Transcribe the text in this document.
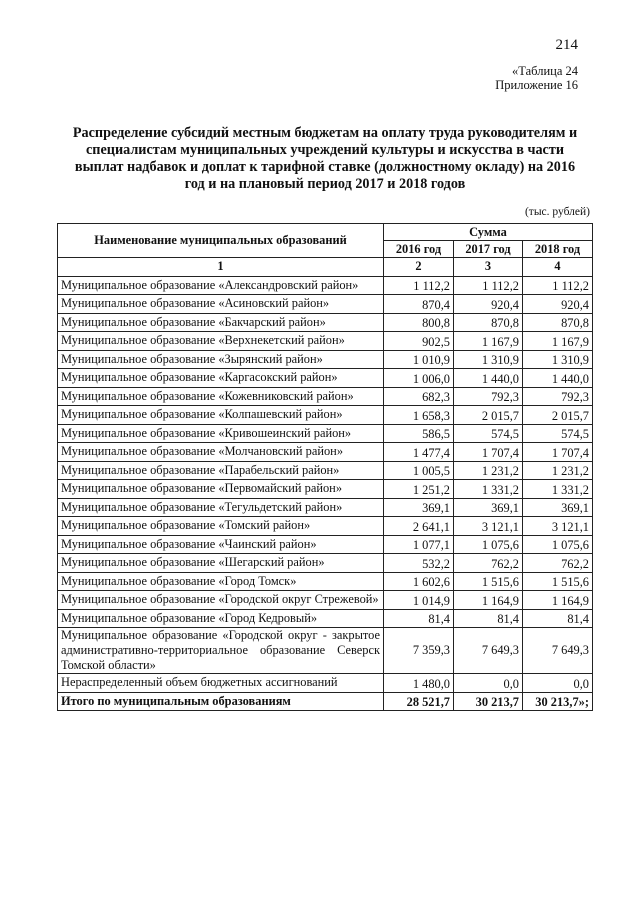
214
«Таблица 24
Приложение 16
Распределение субсидий местным бюджетам на оплату труда руководителям и
специалистам муниципальных учреждений культуры и искусства в части
выплат надбавок и доплат к тарифной ставке (должностному окладу) на 2016
год и на плановый период 2017 и 2018 годов
(тыс. рублей)
Наименование муниципальных образований	Сумма		
	2016 год	2017 год	2018 год
1	2	3	4
Муниципальное образование «Александровский район»	1 112,2	1 112,2	1 112,2
Муниципальное образование «Асиновский район»	870,4	920,4	920,4
Муниципальное образование «Бакчарский район»	800,8	870,8	870,8
Муниципальное образование «Верхнекетский район»	902,5	1 167,9	1 167,9
Муниципальное образование «Зырянский район»	1 010,9	1 310,9	1 310,9
Муниципальное образование «Каргасокский район»	1 006,0	1 440,0	1 440,0
Муниципальное образование «Кожевниковский район»	682,3	792,3	792,3
Муниципальное образование «Колпашевский район»	1 658,3	2 015,7	2 015,7
Муниципальное образование «Кривошеинский район»	586,5	574,5	574,5
Муниципальное образование «Молчановский район»	1 477,4	1 707,4	1 707,4
Муниципальное образование «Парабельский район»	1 005,5	1 231,2	1 231,2
Муниципальное образование «Первомайский район»	1 251,2	1 331,2	1 331,2
Муниципальное образование «Тегульдетский район»	369,1	369,1	369,1
Муниципальное образование «Томский район»	2 641,1	3 121,1	3 121,1
Муниципальное образование «Чаинский район»	1 077,1	1 075,6	1 075,6
Муниципальное образование «Шегарский район»	532,2	762,2	762,2
Муниципальное образование «Город Томск»	1 602,6	1 515,6	1 515,6
Муниципальное образование «Городской округ Стрежевой»	1 014,9	1 164,9	1 164,9
Муниципальное образование «Город Кедровый»	81,4	81,4	81,4
Муниципальное образование «Городской округ - закрытое административно-территориальное образование Северск Томской области»	7 359,3	7 649,3	7 649,3
Нераспределенный объем бюджетных ассигнований	1 480,0	0,0	0,0
Итого по муниципальным образованиям	28 521,7	30 213,7	30 213,7»;
